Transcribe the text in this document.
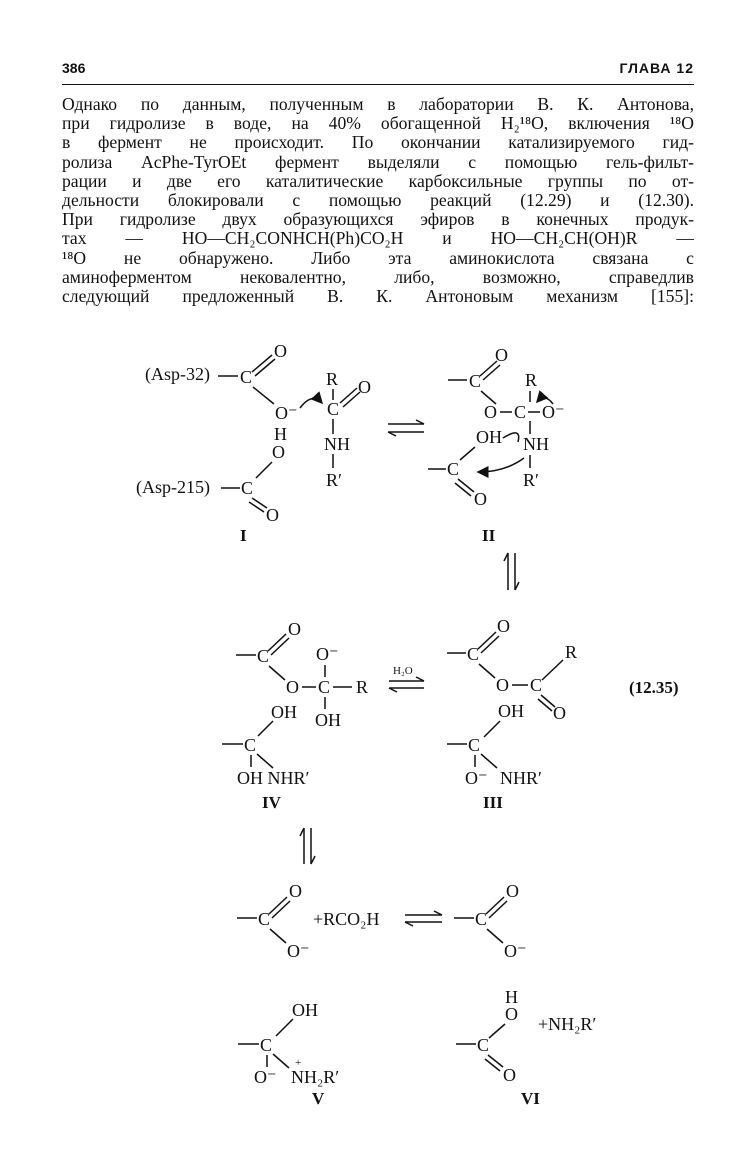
386	ГЛАВА 12
Однако по данным, полученным в лаборатории В. К. Антонова,
при гидролизе в воде, на 40% обогащенной H₂¹⁸O, включения ¹⁸O
в фермент не происходит. По окончании катализируемого гид-
ролиза AcPhe-TyrOEt фермент выделяли с помощью гель-фильт-
рации и две его каталитические карбоксильные группы по от-
дельности блокировали с помощью реакций (12.29) и (12.30).
При гидролизе двух образующихся эфиров в конечных продук-
тах — HO—CH₂CONHCH(Ph)CO₂H и HO—CH₂CH(OH)R —
¹⁸O не обнаружено. Либо эта аминокислота связана с
аминоферментом нековалентно, либо, возможно, справедлив
следующий предложенный В. К. Антоновым механизм [155]:
(Asp-32) C
O
O⁻
R
C
O
NH
R′
H
O
(Asp-215) C
O
I
C
O
O C
R
O⁻
NH
R′
OH
C
O
II
C
O
O C
O⁻
R
OH
OH
C
OH NHR′
IV
H₂O
C
O
O C
R
O
OH
C
O⁻ NHR′
III
(12.35)
C
O
O⁻
+RCO₂H	C
O
O⁻
OH
C
O⁻
+
NH₂R′
V
H
O
C
O
+NH₂R′
VI
